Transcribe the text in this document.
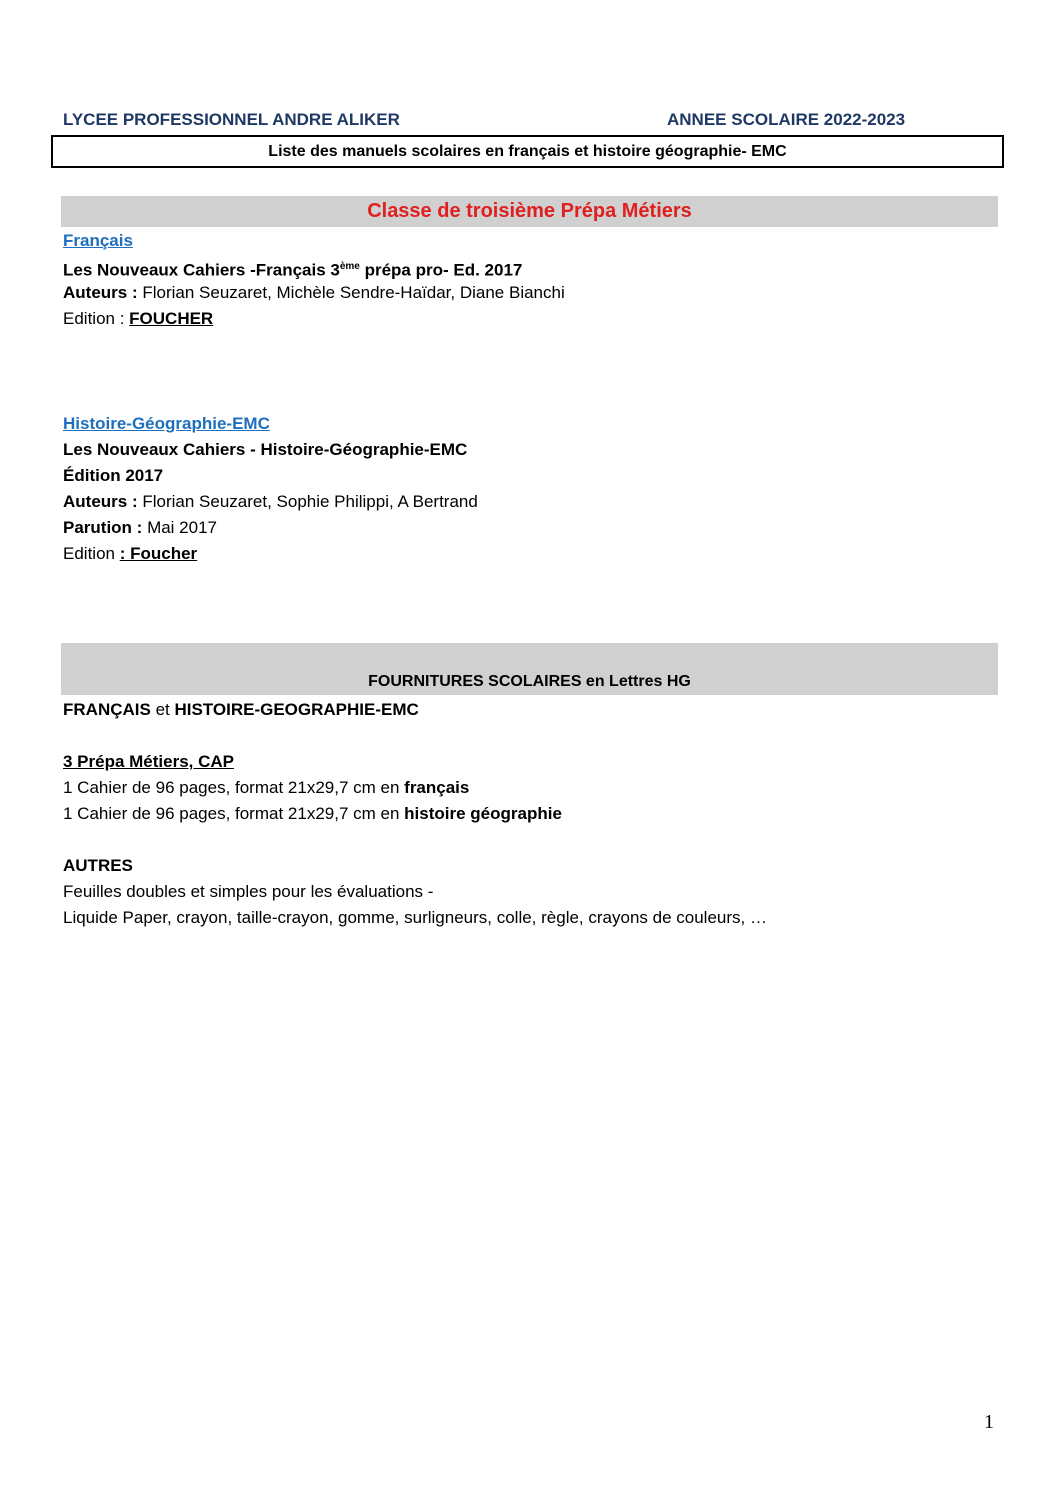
LYCEE PROFESSIONNEL ANDRE ALIKER	ANNEE SCOLAIRE 2022-2023
Liste des manuels scolaires en français et histoire géographie- EMC
Classe de troisième Prépa Métiers
Français
Les Nouveaux Cahiers -Français 3ème prépa pro- Ed. 2017
Auteurs : Florian Seuzaret, Michèle Sendre-Haïdar, Diane Bianchi
Edition : FOUCHER
Histoire-Géographie-EMC
Les Nouveaux Cahiers - Histoire-Géographie-EMC
Édition 2017
Auteurs : Florian Seuzaret, Sophie Philippi, A Bertrand
Parution : Mai 2017
Edition : Foucher
FOURNITURES SCOLAIRES en Lettres HG
FRANÇAIS et HISTOIRE-GEOGRAPHIE-EMC
3 Prépa Métiers, CAP
1 Cahier de 96 pages, format 21x29,7 cm en français
1 Cahier de 96 pages, format 21x29,7 cm en histoire géographie
AUTRES
Feuilles doubles et simples pour les évaluations -
Liquide Paper, crayon, taille-crayon, gomme, surligneurs, colle, règle, crayons de couleurs, …
1
